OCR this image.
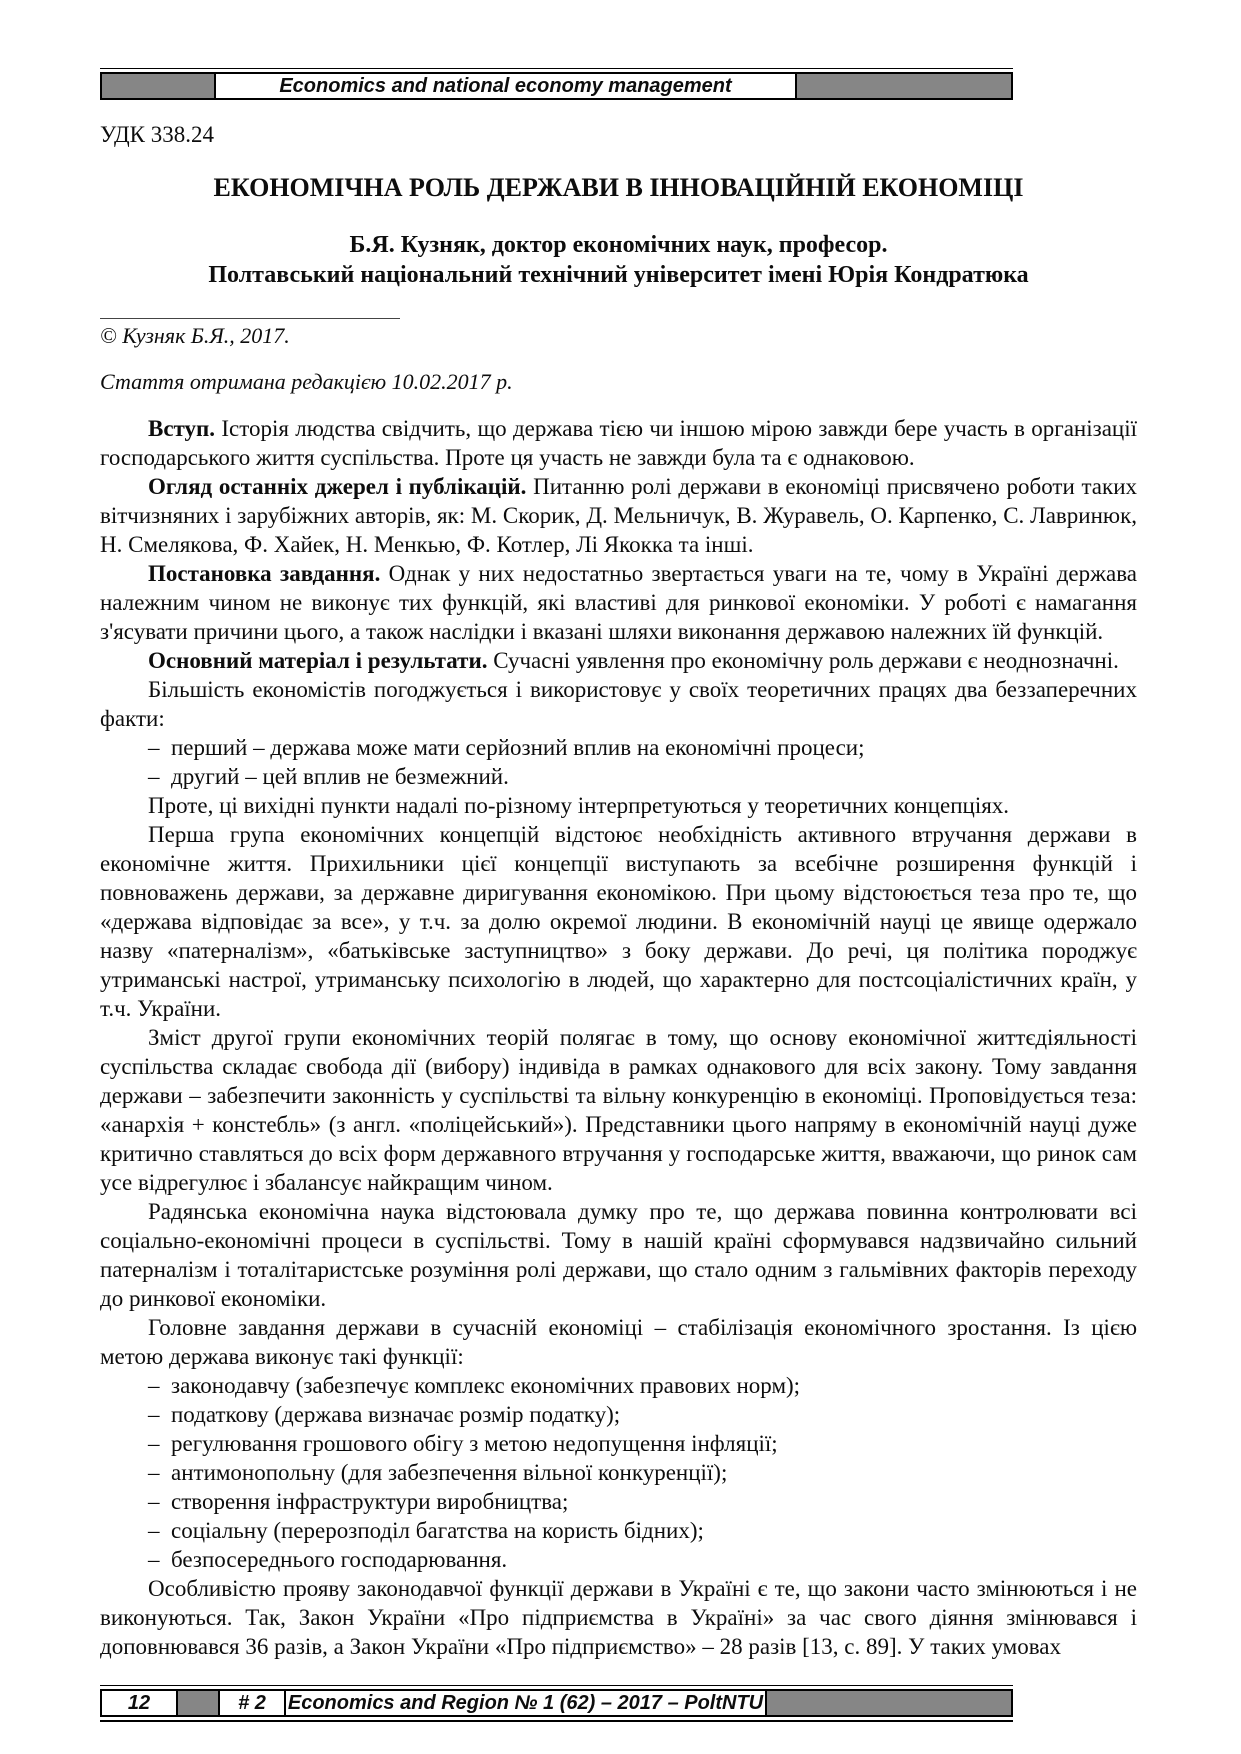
Economics and national economy management
УДК 338.24
ЕКОНОМІЧНА РОЛЬ ДЕРЖАВИ В ІННОВАЦІЙНІЙ ЕКОНОМІЦІ
Б.Я. Кузняк, доктор економічних наук, професор.
Полтавський національний технічний університет імені Юрія Кондратюка
© Кузняк Б.Я., 2017.
Стаття отримана редакцією 10.02.2017 р.

Вступ. Історія людства свідчить, що держава тією чи іншою мірою завжди бере участь в організації господарського життя суспільства. Проте ця участь не завжди була та є однаковою.

Огляд останніх джерел і публікацій. Питанню ролі держави в економіці присвячено роботи таких вітчизняних і зарубіжних авторів, як: М. Скорик, Д. Мельничук, В. Журавель, О. Карпенко, С. Лавринюк, Н. Смелякова, Ф. Хайек, Н. Менкью, Ф. Котлер, Лі Якокка та інші.

Постановка завдання. Однак у них недостатньо звертається уваги на те, чому в Україні держава належним чином не виконує тих функцій, які властиві для ринкової економіки. У роботі є намагання з'ясувати причини цього, а також наслідки і вказані шляхи виконання державою належних їй функцій.

Основний матеріал і результати. Сучасні уявлення про економічну роль держави є неоднозначні.

Більшість економістів погоджується і використовує у своїх теоретичних працях два беззаперечних факти:

–  перший – держава може мати серйозний вплив на економічні процеси;

–  другий – цей вплив не безмежний.

Проте, ці вихідні пункти надалі по-різному інтерпретуються у теоретичних концепціях.

Перша група економічних концепцій відстоює необхідність активного втручання держави в економічне життя. Прихильники цієї концепції виступають за всебічне розширення функцій і повноважень держави, за державне диригування економікою. При цьому відстоюється теза про те, що «держава відповідає за все», у т.ч. за долю окремої людини. В економічній науці це явище одержало назву «патерналізм», «батьківське заступництво» з боку держави. До речі, ця політика породжує утриманські настрої, утриманську психологію в людей, що характерно для постсоціалістичних країн, у т.ч. України.

Зміст другої групи економічних теорій полягає в тому, що основу економічної життєдіяльності суспільства складає свобода дії (вибору) індивіда в рамках однакового для всіх закону. Тому завдання держави – забезпечити законність у суспільстві та вільну конкуренцію в економіці. Проповідується теза: «анархія + констебль» (з англ. «поліцейський»). Представники цього напряму в економічній науці дуже критично ставляться до всіх форм державного втручання у господарське життя, вважаючи, що ринок сам усе відрегулює і збалансує найкращим чином.

Радянська економічна наука відстоювала думку про те, що держава повинна контролювати всі соціально-економічні процеси в суспільстві. Тому в нашій країні сформувався надзвичайно сильний патерналізм і тоталітаристське розуміння ролі держави, що стало одним з гальмівних факторів переходу до ринкової економіки.

Головне завдання держави в сучасній економіці – стабілізація економічного зростання. Із цією метою держава виконує такі функції:

–  законодавчу (забезпечує комплекс економічних правових норм);

–  податкову (держава визначає розмір податку);

–  регулювання грошового обігу з метою недопущення інфляції;

–  антимонопольну (для забезпечення вільної конкуренції);

–  створення інфраструктури виробництва;

–  соціальну (перерозподіл багатства на користь бідних);

–  безпосереднього господарювання.

Особливістю прояву законодавчої функції держави в Україні є те, що закони часто змінюються і не виконуються. Так, Закон України «Про підприємства в Україні» за час свого діяння змінювався і доповнювався 36 разів, а Закон України «Про підприємство» – 28 разів [13, с. 89]. У таких умовах

12	# 2	Economics and Region № 1 (62) – 2017 – PoltNTU
